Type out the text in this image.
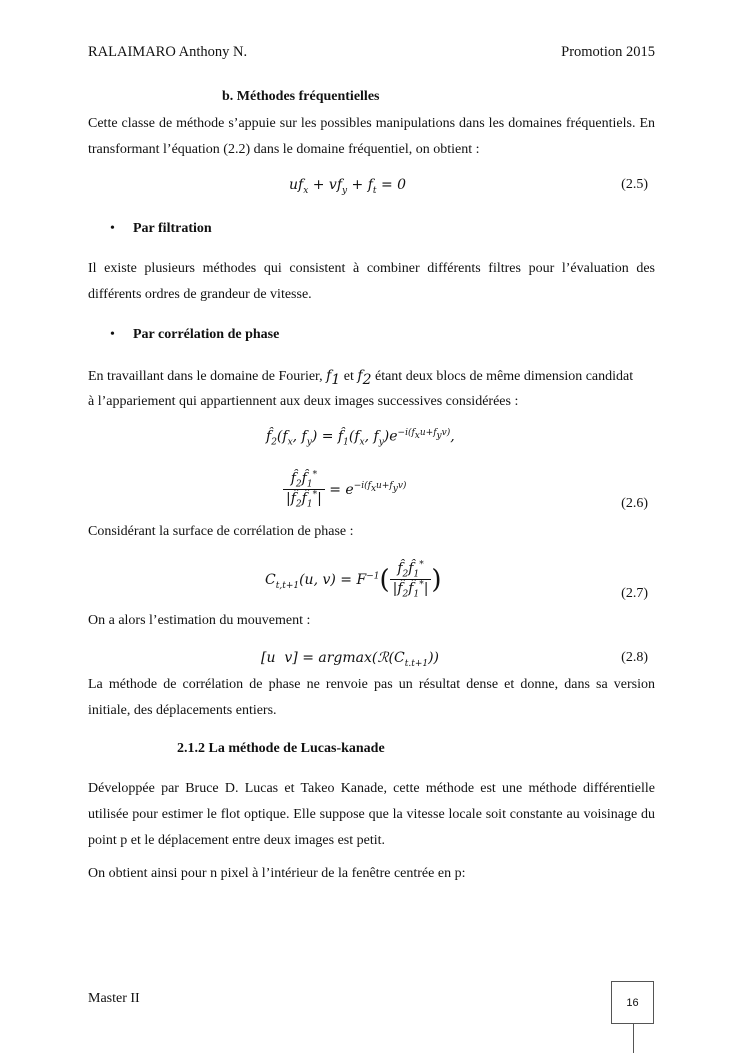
RALAIMARO Anthony N.	Promotion 2015
b. Méthodes fréquentielles
Cette classe de méthode s’appuie sur les possibles manipulations dans les domaines fréquentiels. En transformant l’équation (2.2) dans le domaine fréquentiel, on obtient :
$uf_x + vf_y + f_t = 0$	(2.5)
• Par filtration
Il existe plusieurs méthodes qui consistent à combiner différents filtres pour l’évaluation des différents ordres de grandeur de vitesse.
• Par corrélation de phase
En travaillant dans le domaine de Fourier, $f_1$ et $f_2$ étant deux blocs de même dimension candidat
à l’appariement qui appartiennent aux deux images successives considérées :
$f̂_2(f_x$, $f_y$) = $f̂_1(f_x$, $f_y)e^{-i(f_xu+f_yv)}$,
$\frac{f̂_2f̂_1^*}{|f̂_2f̂_1^*|} = e^{-i(f_xu+f_yv)}$
(2.6)
Considérant la surface de corrélation de phase :
$C_{t,t+1}(u$, $v) = F^{-1}( \frac{f̂_2f̂_1^*}{|f̂_2f̂_1^*|}$ )	(2.7)
On a alors l’estimation du mouvement :
[u  $v] = argmax(ℛ(C_{t.t+1}))$	(2.8)
La méthode de corrélation de phase ne renvoie pas un résultat dense et donne, dans sa version initiale, des déplacements entiers.
2.1.2 La méthode de Lucas-kanade
Développée par Bruce D. Lucas et Takeo Kanade, cette méthode est une méthode différentielle utilisée pour estimer le flot optique. Elle suppose que la vitesse locale soit constante au voisinage du point p et le déplacement entre deux images est petit.
On obtient ainsi pour n pixel à l’intérieur de la fenêtre centrée en p:
Master II	16
